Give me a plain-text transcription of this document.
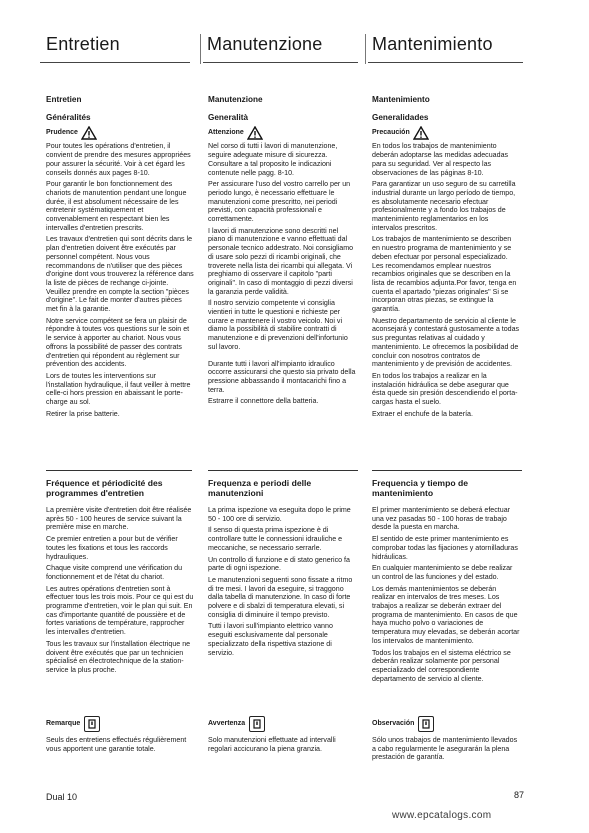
Entretien	Manutenzione	Mantenimiento
Entretien
Généralités
Prudence

Pour toutes les opérations d'entretien, il convient de prendre des mesures appropriées pour assurer la sécurité. Voir à cet égard les conseils donnés aux pages 8-10.

Pour garantir le bon fonctionnement des chariots de manutention pendant une longue durée, il est absolument nécessaire de les entretenir systématiquement et convenablement en respectant bien les intervalles d'entretien prescrits.

Les travaux d'entretien qui sont décrits dans le plan d'entretien doivent être exécutés par personnel compétent. Nous vous recommandons de n'utiliser que des pièces d'origine dont vous trouverez la référence dans la liste de pièces de rechange ci-jointe. Veuillez prendre en compte la section "pièces d'origine". Le fait de monter d'autres pièces met fin à la garantie.

Notre service compétent se fera un plaisir de répondre à toutes vos questions sur le soin et le service à apporter au chariot. Nous vous offrons la possibilité de passer des contrats d'entretien qui répondent au règlement sur prévention des accidents.

Lors de toutes les interventions sur l'installation hydraulique, il faut veiller à mettre celle-ci hors pression en abaissant le porte-charge au sol.

Retirer la prise batterie.

Manutenzione
Generalità
Attenzione

Nel corso di tutti i lavori di manutenzione, seguire adeguate misure di sicurezza. Consultare a tal proposito le indicazioni contenute nelle pagg. 8-10.

Per assicurare l'uso del vostro carrello per un periodo lungo, è necessario effettuare le manutenzioni come prescritto, nei periodi previsti, con capacità professionali e correttamente.

I lavori di manutenzione sono descritti nel piano di manutenzione e vanno effettuati dal personale tecnico addestrato. Noi consigliamo di usare solo pezzi di ricambi originali, che troverete nella lista dei ricambi qui allegata. Vi preghiamo di osservare il capitolo "parti originali". In caso di montaggio di pezzi diversi la garanzia perde validità.

Il nostro servizio competente vi consiglia vientieri in tutte le questioni e richieste per curare e mantenere il vostro veicolo. Noi vi diamo la possibilità di stabilire contratti di manutenzione e di prevenzioni dell'infortunio sul lavoro.

Durante tutti i lavori all'impianto idraulico occorre assicurarsi che questo sia privato della pressione abbassando il montacarichi fino a terra.

Estrarre il connettore della batteria.

Mantenimiento
Generalidades
Precaución

En todos los trabajos de mantenimiento deberán adoptarse las medidas adecuadas para su seguridad. Ver al respecto las observaciones de las páginas 8-10.

Para garantizar un uso seguro de su carretilla industrial durante un largo período de tiempo, es absolutamente necesario efectuar profesionalmente y a fondo los trabajos de mantenimiento reglamentarios en los intervalos prescritos.

Los trabajos de mantenimiento se describen en nuestro programa de mantenimiento y se deben efectuar por personal especializado. Les recomendamos emplear nuestros recambios originales que se describen en la lista de recambios adjunta.Por favor, tenga en cuenta el apartado "piezas originales" Si se incorporan otras piezas, se extingue la garantía.

Nuestro departamento de servicio al cliente le aconsejará y contestará gustosamente a todas sus preguntas relativas al cuidado y mantenimiento. Le ofrecemos la posibilidad de concluir con nosotros contratos de mantenimiento y de previsión de accidentes.

En todos los trabajos a realizar en la instalación hidráulica se debe asegurar que ésta quede sin presión descendiendo el porta-cargas hasta el suelo.

Extraer el enchufe de la batería.

Fréquence et périodicité des programmes d'entretien

La première visite d'entretien doit être réalisée après 50 - 100 heures de service suivant la première mise en marche.

Ce premier entretien a pour but de vérifier toutes les fixations et tous les raccords hydrauliques.

Chaque visite comprend une vérification du fonctionnement et de l'état du chariot.

Les autres opérations d'entretien sont à effectuer tous les trois mois. Pour ce qui est du programme d'entretien, voir le plan qui suit. En cas d'importante quantité de poussière et de fortes variations de température, rapprocher les intervalles d'entretien.

Tous les travaux sur l'installation électrique ne doivent être exécutés que par un technicien spécialisé en électrotechnique de la station-service la plus proche.

Frequenza e periodi delle manutenzioni

La prima ispezione va eseguita dopo le prime 50 - 100 ore di servizio.

Il senso di questa prima ispezione è di controllare tutte le connessioni idrauliche e meccaniche, se necessario serrarle.

Un controllo di funzione e di stato generico fa parte di ogni ispezione.

Le manutenzioni seguenti sono fissate a ritmo di tre mesi. I lavori da eseguire, si traggono dalla tabella di manutenzione. In caso di forte polvere e di sbalzi di temperatura elevati, si consiglia di diminuire il tempo previsto.

Tutti i lavori sull'impianto elettrico vanno eseguiti esclusivamente dal personale specializzato della rispettiva stazione di servizio.

Frequencia y tiempo de mantenimiento

El primer mantenimiento se deberá efectuar una vez pasadas 50 - 100 horas de trabajo desde la puesta en marcha.

El sentido de este primer mantenimiento es comprobar todas las fijaciones y atornilladuras hidráulicas.

En cualquier mantenimiento se debe realizar un control de las funciones y del estado.

Los demás mantenimientos se deberán realizar en intervalos de tres meses. Los trabajos a realizar se deberán extraer del programa de mantenimiento. En casos de que haya mucho polvo o variaciones de temperatura muy elevadas, se deberán acortar los intervalos de mantenimiento.

Todos los trabajos en el sistema eléctrico se deberán realizar solamente por personal especializado del correspondiente departamento de servicio al cliente.

Remarque

Seuls des entretiens effectués régulièrement vous apportent une garantie totale.

Avvertenza

Solo manutenzioni effettuate ad intervalli regolari accicurano la piena granzia.

Observación

Sólo unos trabajos de mantenimiento llevados a cabo regularmente le asegurarán la plena prestación de garantía.

Dual 10	87
www.epcatalogs.com
